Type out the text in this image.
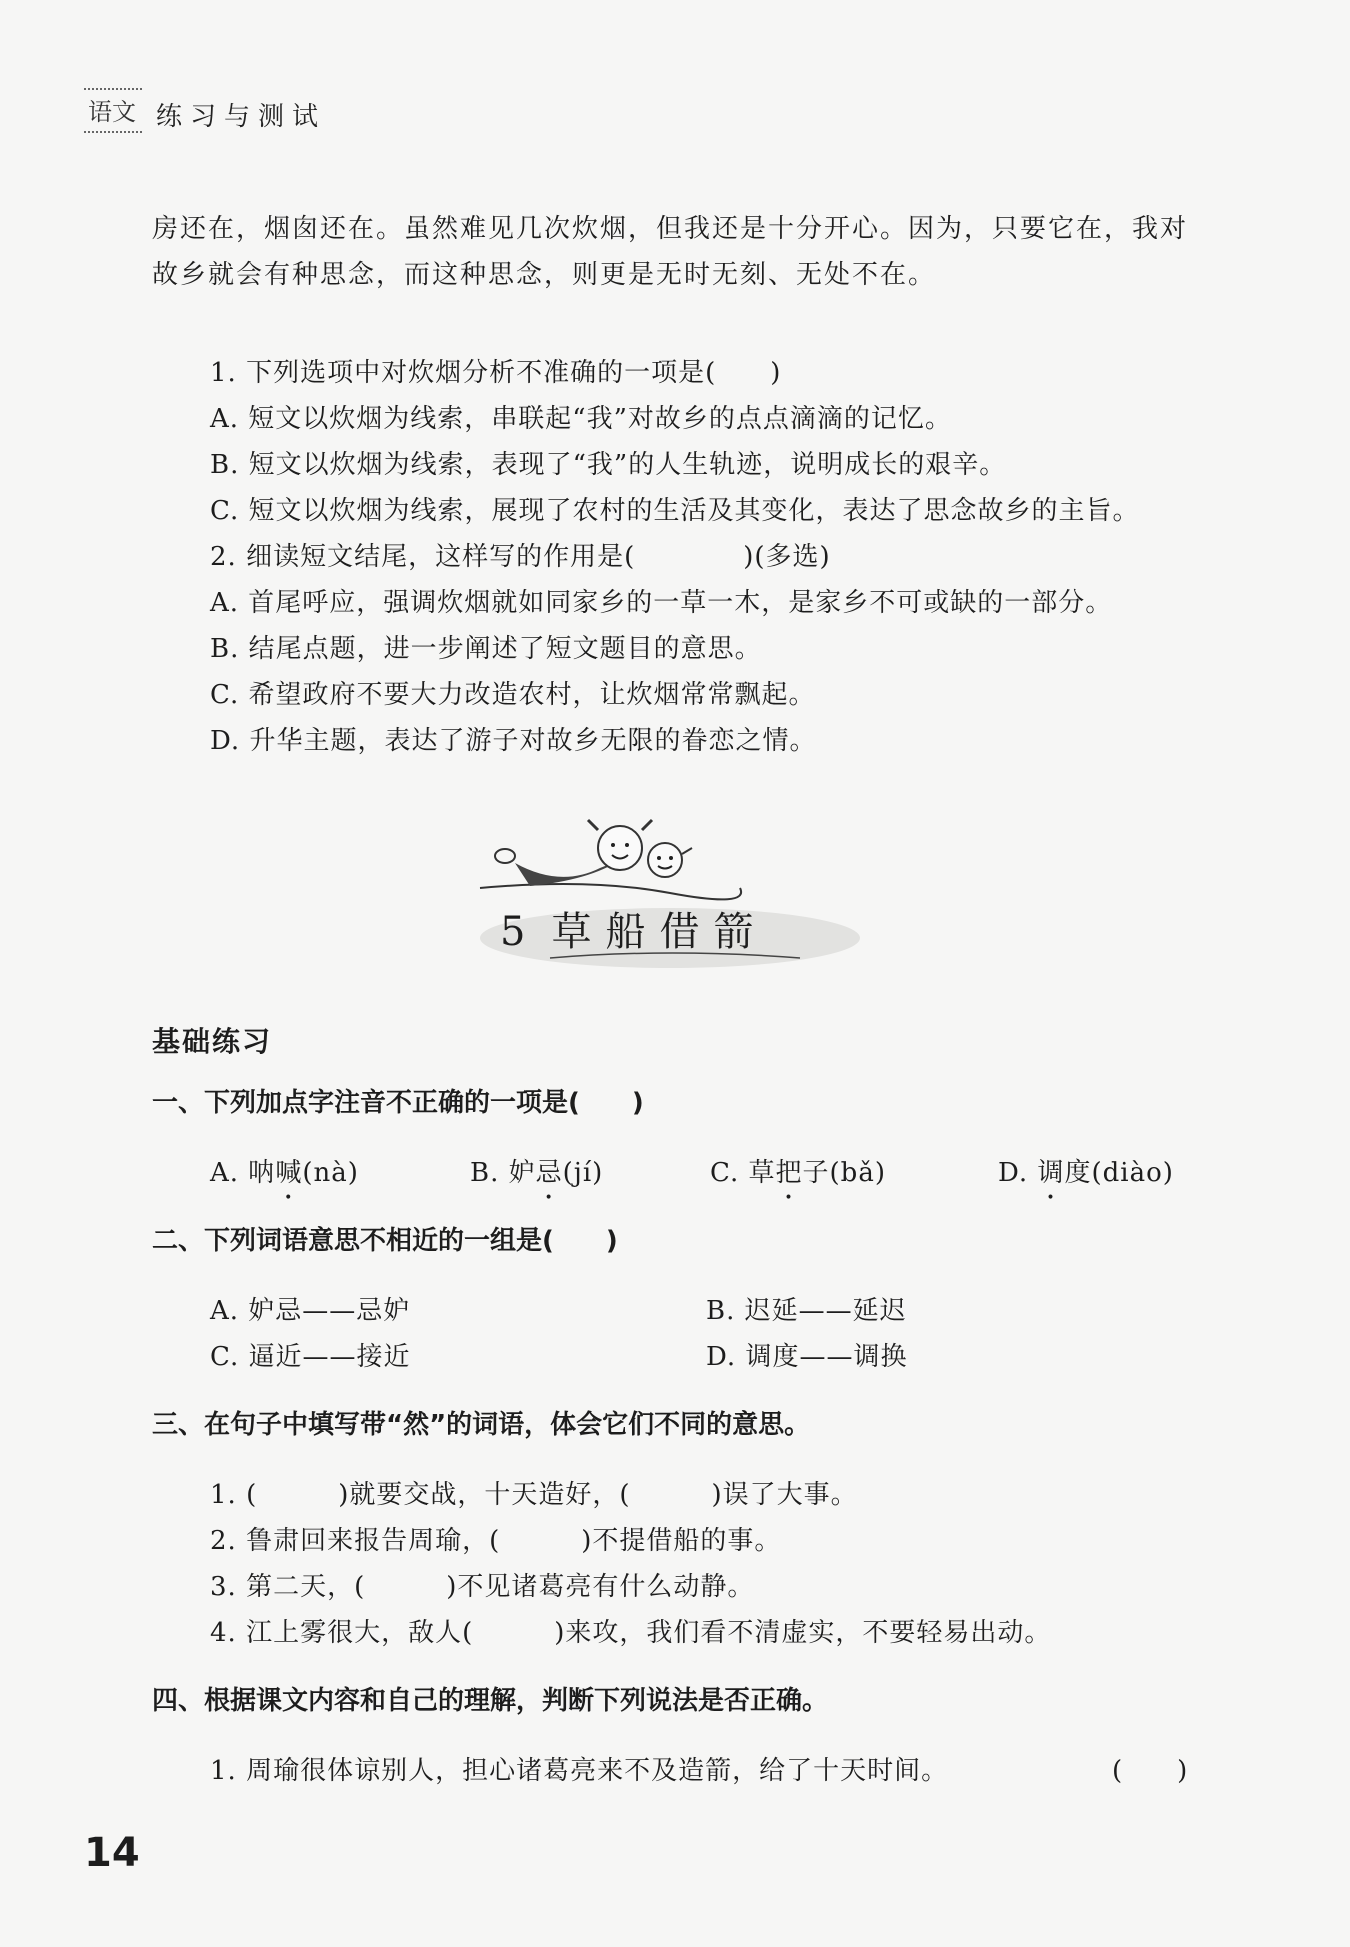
语文 练习与测试
房还在，烟囱还在。虽然难见几次炊烟，但我还是十分开心。因为，只要它在，我对
故乡就会有种思念，而这种思念，则更是无时无刻、无处不在。
1. 下列选项中对炊烟分析不准确的一项是(　　)
A. 短文以炊烟为线索，串联起“我”对故乡的点点滴滴的记忆。
B. 短文以炊烟为线索，表现了“我”的人生轨迹，说明成长的艰辛。
C. 短文以炊烟为线索，展现了农村的生活及其变化，表达了思念故乡的主旨。
2. 细读短文结尾，这样写的作用是(　　　　)(多选)
A. 首尾呼应，强调炊烟就如同家乡的一草一木，是家乡不可或缺的一部分。
B. 结尾点题，进一步阐述了短文题目的意思。
C. 希望政府不要大力改造农村，让炊烟常常飘起。
D. 升华主题，表达了游子对故乡无限的眷恋之情。
5 草船借箭
基础练习
一、下列加点字注音不正确的一项是(　　)
A. 呐喊(nà)	B. 妒忌(jí)	C. 草把子(bǎ)	D. 调度(diào)
二、下列词语意思不相近的一组是(　　)
A. 妒忌——忌妒	B. 迟延——延迟
C. 逼近——接近	D. 调度——调换
三、在句子中填写带“然”的词语，体会它们不同的意思。
1. (　　　)就要交战，十天造好，(　　　)误了大事。
2. 鲁肃回来报告周瑜，(　　　)不提借船的事。
3. 第二天，(　　　)不见诸葛亮有什么动静。
4. 江上雾很大，敌人(　　　)来攻，我们看不清虚实，不要轻易出动。
四、根据课文内容和自己的理解，判断下列说法是否正确。
1. 周瑜很体谅别人，担心诸葛亮来不及造箭，给了十天时间。	(　　)
14
